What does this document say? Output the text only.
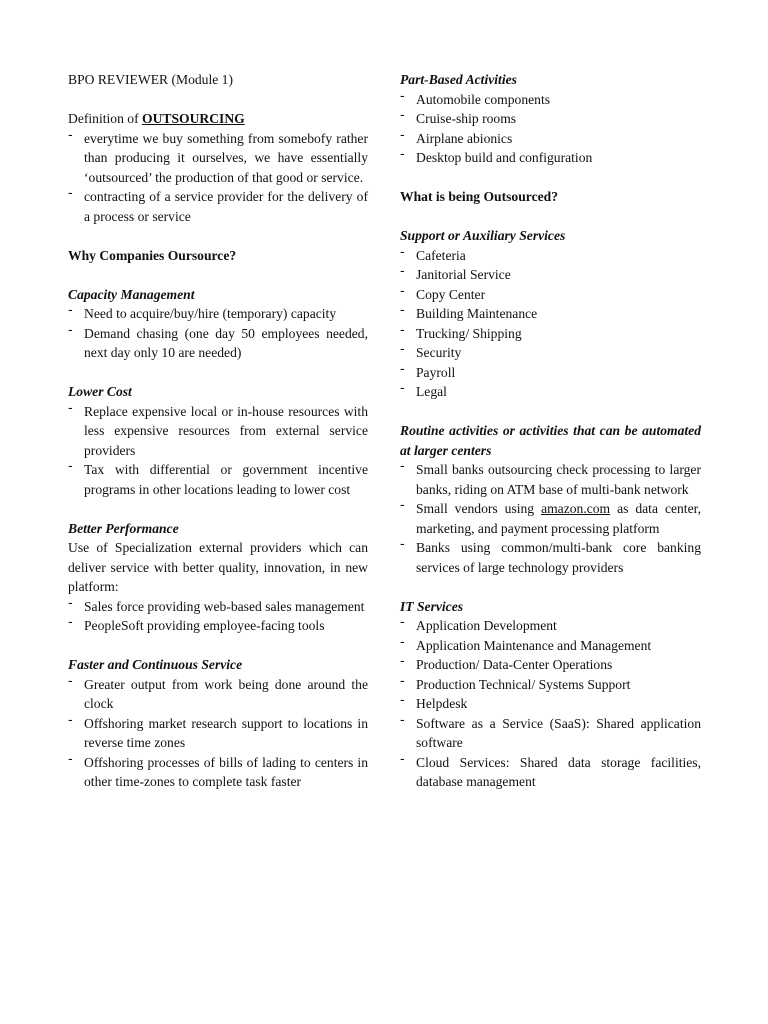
BPO REVIEWER (Module 1)
Definition of OUTSOURCING
- everytime we buy something from somebofy rather than producing it ourselves, we have essentially ‘outsourced’ the production of that good or service.
- contracting of a service provider for the delivery of a process or service
Why Companies Oursource?
Capacity Management
- Need to acquire/buy/hire (temporary) capacity
- Demand chasing (one day 50 employees needed, next day only 10 are needed)
Lower Cost
- Replace expensive local or in-house resources with less expensive resources from external service providers
- Tax with differential or government incentive programs in other locations leading to lower cost
Better Performance
Use of Specialization external providers which can deliver service with better quality, innovation, in new platform:
- Sales force providing web-based sales management
- PeopleSoft providing employee-facing tools
Faster and Continuous Service
- Greater output from work being done around the clock
- Offshoring market research support to locations in reverse time zones
- Offshoring processes of bills of lading to centers in other time-zones to complete task faster
Part-Based Activities
- Automobile components
- Cruise-ship rooms
- Airplane abionics
- Desktop build and configuration
What is being Outsourced?
Support or Auxiliary Services
- Cafeteria
- Janitorial Service
- Copy Center
- Building Maintenance
- Trucking/ Shipping
- Security
- Payroll
- Legal
Routine activities or activities that can be automated at larger centers
- Small banks outsourcing check processing to larger banks, riding on ATM base of multi-bank network
- Small vendors using amazon.com as data center, marketing, and payment processing platform
- Banks using common/multi-bank core banking services of large technology providers
IT Services
- Application Development
- Application Maintenance and Management
- Production/ Data-Center Operations
- Production Technical/ Systems Support
- Helpdesk
- Software as a Service (SaaS): Shared application software
- Cloud Services: Shared data storage facilities, database management
